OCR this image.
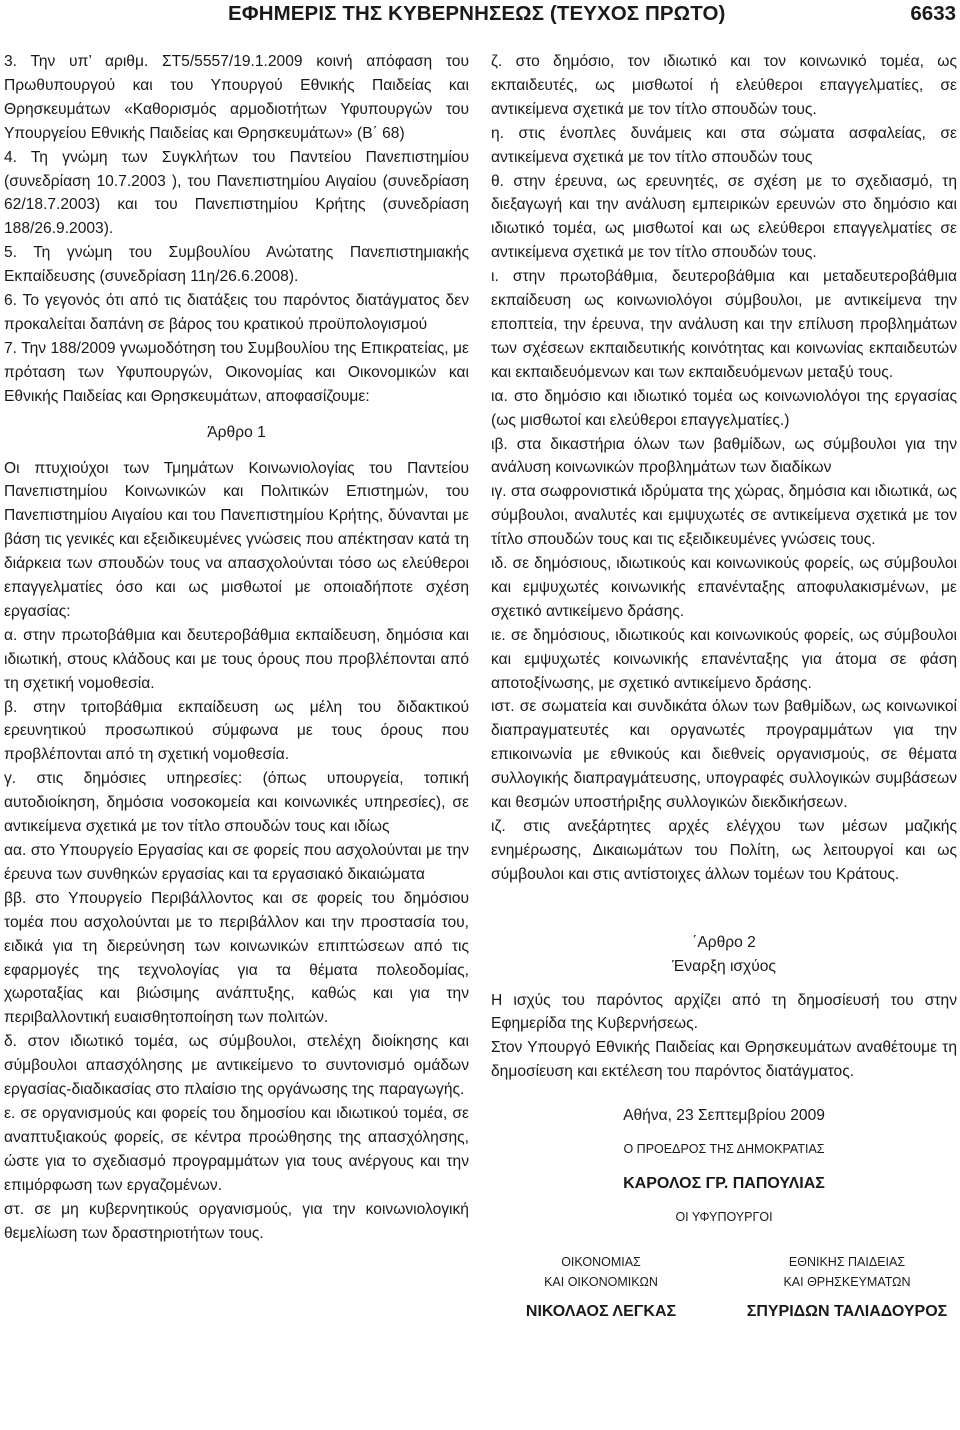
ΕΦΗΜΕΡΙΣ ΤΗΣ ΚΥΒΕΡΝΗΣΕΩΣ (ΤΕΥΧΟΣ ΠΡΩΤΟ)	6633

3. Την υπ’ αριθμ. ΣΤ5/5557/19.1.2009 κοινή απόφαση του Πρωθυπουργού και του Υπουργού Εθνικής Παιδείας και Θρησκευμάτων «Καθορισμός αρμοδιοτήτων Υφυπουργών του Υπουργείου Εθνικής Παιδείας και Θρησκευμάτων» (Β΄ 68)

4. Τη γνώμη των Συγκλήτων του Παντείου Πανεπιστημίου (συνεδρίαση 10.7.2003 ), του Πανεπιστημίου Αιγαίου (συνεδρίαση 62/18.7.2003) και του Πανεπιστημίου Κρήτης (συνεδρίαση 188/26.9.2003).

5. Τη γνώμη του Συμβουλίου Ανώτατης Πανεπιστημιακής Εκπαίδευσης (συνεδρίαση 11η/26.6.2008).

6. Το γεγονός ότι από τις διατάξεις του παρόντος διατάγματος δεν προκαλείται δαπάνη σε βάρος του κρατικού προϋπολογισμού

7. Την 188/2009 γνωμοδότηση του Συμβουλίου της Επικρατείας, με πρόταση των Υφυπουργών, Οικονομίας και Οικονομικών και Εθνικής Παιδείας και Θρησκευμάτων, αποφασίζουμε:

Άρθρο 1

Οι πτυχιούχοι των Τμημάτων Κοινωνιολογίας του Παντείου Πανεπιστημίου Κοινωνικών και Πολιτικών Επιστημών, του Πανεπιστημίου Αιγαίου και του Πανεπιστημίου Κρήτης, δύνανται με βάση τις γενικές και εξειδικευμένες γνώσεις που απέκτησαν κατά τη διάρκεια των σπουδών τους να απασχολούνται τόσο ως ελεύθεροι επαγγελματίες όσο και ως μισθωτοί με οποιαδήποτε σχέση εργασίας:

α. στην πρωτοβάθμια και δευτεροβάθμια εκπαίδευση, δημόσια και ιδιωτική, στους κλάδους και με τους όρους που προβλέπονται από τη σχετική νομοθεσία.

β. στην τριτοβάθμια εκπαίδευση ως μέλη του διδακτικού ερευνητικού προσωπικού σύμφωνα με τους όρους που προβλέπονται από τη σχετική νομοθεσία.

γ. στις δημόσιες υπηρεσίες: (όπως υπουργεία, τοπική αυτοδιοίκηση, δημόσια νοσοκομεία και κοινωνικές υπηρεσίες), σε αντικείμενα σχετικά με τον τίτλο σπουδών τους και ιδίως

αα. στο Υπουργείο Εργασίας και σε φορείς που ασχολούνται με την έρευνα των συνθηκών εργασίας και τα εργασιακό δικαιώματα

ββ. στο Υπουργείο Περιβάλλοντος και σε φορείς του δημόσιου τομέα που ασχολούνται με το περιβάλλον και την προστασία του, ειδικά για τη διερεύνηση των κοινωνικών επιπτώσεων από τις εφαρμογές της τεχνολογίας για τα θέματα πολεοδομίας, χωροταξίας και βιώσιμης ανάπτυξης, καθώς και για την περιβαλλοντική ευαισθητοποίηση των πολιτών.

δ. στον ιδιωτικό τομέα, ως σύμβουλοι, στελέχη διοίκησης και σύμβουλοι απασχόλησης με αντικείμενο το συντονισμό ομάδων εργασίας-διαδικασίας στο πλαίσιο της οργάνωσης της παραγωγής.

ε. σε οργανισμούς και φορείς του δημοσίου και ιδιωτικού τομέα, σε αναπτυξιακούς φορείς, σε κέντρα προώθησης της απασχόλησης, ώστε για το σχεδιασμό προγραμμάτων για τους ανέργους και την επιμόρφωση των εργαζομένων.

στ. σε μη κυβερνητικούς οργανισμούς, για την κοινωνιολογική θεμελίωση των δραστηριοτήτων τους.

ζ. στο δημόσιο, τον ιδιωτικό και τον κοινωνικό τομέα, ως εκπαιδευτές, ως μισθωτοί ή ελεύθεροι επαγγελματίες, σε αντικείμενα σχετικά με τον τίτλο σπουδών τους.

η. στις ένοπλες δυνάμεις και στα σώματα ασφαλείας, σε αντικείμενα σχετικά με τον τίτλο σπουδών τους

θ. στην έρευνα, ως ερευνητές, σε σχέση με το σχεδιασμό, τη διεξαγωγή και την ανάλυση εμπειρικών ερευνών στο δημόσιο και ιδιωτικό τομέα, ως μισθωτοί και ως ελεύθεροι επαγγελματίες σε αντικείμενα σχετικά με τον τίτλο σπουδών τους.

ι. στην πρωτοβάθμια, δευτεροβάθμια και μεταδευτεροβάθμια εκπαίδευση ως κοινωνιολόγοι σύμβουλοι, με αντικείμενα την εποπτεία, την έρευνα, την ανάλυση και την επίλυση προβλημάτων των σχέσεων εκπαιδευτικής κοινότητας και κοινωνίας εκπαιδευτών και εκπαιδευόμενων και των εκπαιδευόμενων μεταξύ τους.

ια. στο δημόσιο και ιδιωτικό τομέα ως κοινωνιολόγοι της εργασίας (ως μισθωτοί και ελεύθεροι επαγγελματίες.)

ιβ. στα δικαστήρια όλων των βαθμίδων, ως σύμβουλοι για την ανάλυση κοινωνικών προβλημάτων των διαδίκων

ιγ. στα σωφρονιστικά ιδρύματα της χώρας, δημόσια και ιδιωτικά, ως σύμβουλοι, αναλυτές και εμψυχωτές σε αντικείμενα σχετικά με τον τίτλο σπουδών τους και τις εξειδικευμένες γνώσεις τους.

ιδ. σε δημόσιους, ιδιωτικούς και κοινωνικούς φορείς, ως σύμβουλοι και εμψυχωτές κοινωνικής επανένταξης αποφυλακισμένων, με σχετικό αντικείμενο δράσης.

ιε. σε δημόσιους, ιδιωτικούς και κοινωνικούς φορείς, ως σύμβουλοι και εμψυχωτές κοινωνικής επανένταξης για άτομα σε φάση αποτοξίνωσης, με σχετικό αντικείμενο δράσης.

ιστ. σε σωματεία και συνδικάτα όλων των βαθμίδων, ως κοινωνικοί διαπραγματευτές και οργανωτές προγραμμάτων για την επικοινωνία με εθνικούς και διεθνείς οργανισμούς, σε θέματα συλλογικής διαπραγμάτευσης, υπογραφές συλλογικών συμβάσεων και θεσμών υποστήριξης συλλογικών διεκδικήσεων.

ιζ. στις ανεξάρτητες αρχές ελέγχου των μέσων μαζικής ενημέρωσης, Δικαιωμάτων του Πολίτη, ως λειτουργοί και ως σύμβουλοι και στις αντίστοιχες άλλων τομέων του Κράτους.

΄Αρθρο 2

Έναρξη ισχύος

Η ισχύς του παρόντος αρχίζει από τη δημοσίευσή του στην Εφημερίδα της Κυβερνήσεως.

Στον Υπουργό Εθνικής Παιδείας και Θρησκευμάτων αναθέτουμε τη δημοσίευση και εκτέλεση του παρόντος διατάγματος.

Αθήνα, 23 Σεπτεμβρίου 2009

Ο ΠΡΟΕΔΡΟΣ ΤΗΣ ΔΗΜΟΚΡΑΤΙΑΣ

ΚΑΡΟΛΟΣ ΓΡ. ΠΑΠΟΥΛΙΑΣ

ΟΙ ΥΦΥΠΟΥΡΓΟΙ

ΟΙΚΟΝΟΜΙΑΣ
ΚΑΙ ΟΙΚΟΝΟΜΙΚΩΝ
ΝΙΚΟΛΑΟΣ ΛΕΓΚΑΣ
ΕΘΝΙΚΗΣ ΠΑΙΔΕΙΑΣ
ΚΑΙ ΘΡΗΣΚΕΥΜΑΤΩΝ
ΣΠΥΡΙΔΩΝ ΤΑΛΙΑΔΟΥΡΟΣ
